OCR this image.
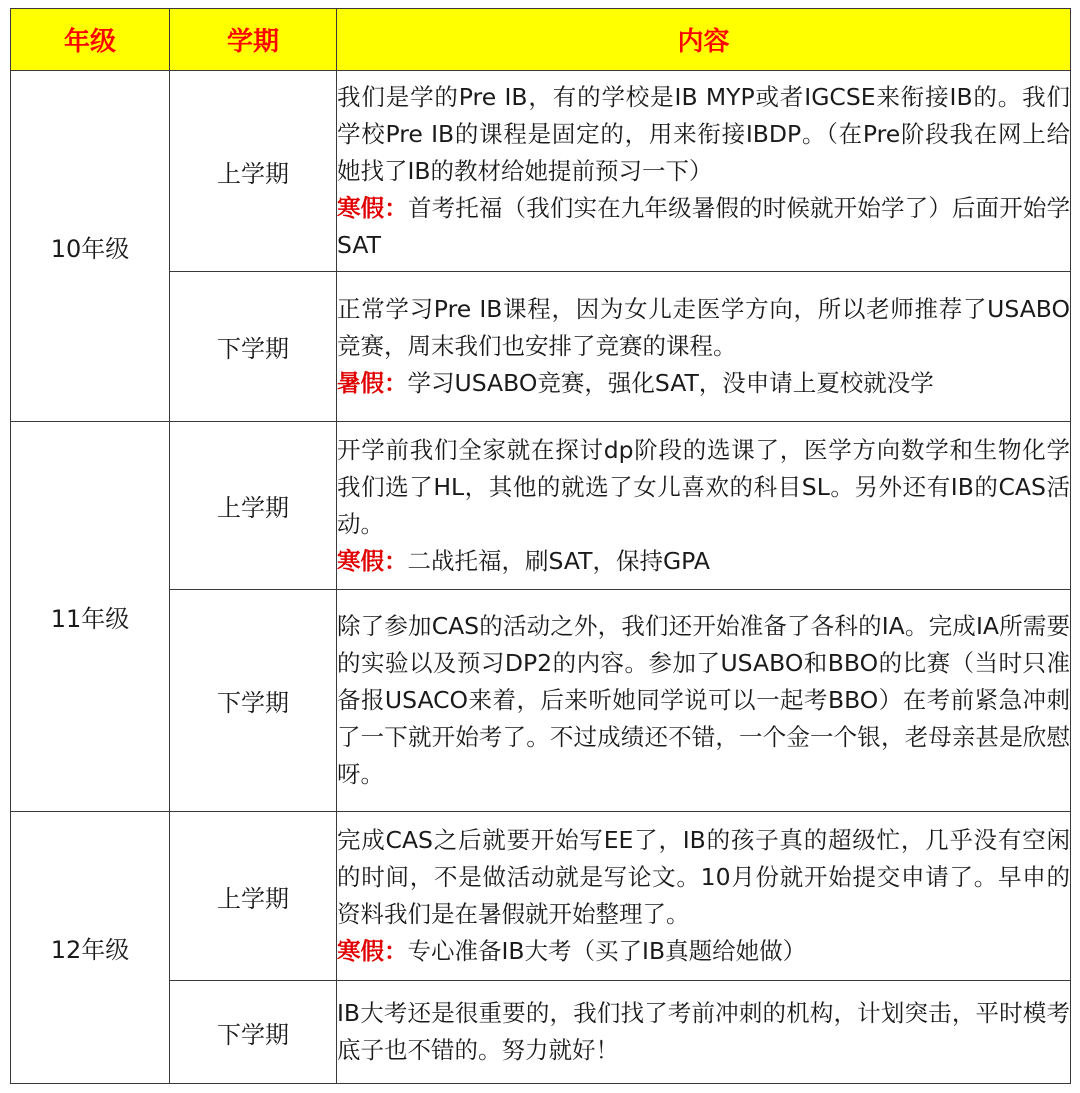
年级	学期	内容
10年级	上学期	我们是学的Pre IB，有的学校是IB MYP或者IGCSE来衔接IB的。我们学校Pre IB的课程是固定的，用来衔接IBDP。（在Pre阶段我在网上给她找了IB的教材给她提前预习一下）
寒假：首考托福（我们实在九年级暑假的时候就开始学了）后面开始学SAT

	下学期	正常学习Pre IB课程，因为女儿走医学方向，所以老师推荐了USABO竞赛，周末我们也安排了竞赛的课程。
暑假：学习USABO竞赛，强化SAT，没申请上夏校就没学

11年级	上学期	开学前我们全家就在探讨dp阶段的选课了，医学方向数学和生物化学我们选了HL，其他的就选了女儿喜欢的科目SL。另外还有IB的CAS活动。
寒假：二战托福，刷SAT，保持GPA

	下学期	除了参加CAS的活动之外，我们还开始准备了各科的IA。完成IA所需要的实验以及预习DP2的内容。参加了USABO和BBO的比赛（当时只准备报USACO来着，后来听她同学说可以一起考BBO）在考前紧急冲刺了一下就开始考了。不过成绩还不错，一个金一个银，老母亲甚是欣慰呀。

12年级	上学期	完成CAS之后就要开始写EE了，IB的孩子真的超级忙，几乎没有空闲的时间，不是做活动就是写论文。10月份就开始提交申请了。早申的资料我们是在暑假就开始整理了。
寒假：专心准备IB大考（买了IB真题给她做）

	下学期	IB大考还是很重要的，我们找了考前冲刺的机构，计划突击，平时模考底子也不错的。努力就好！
